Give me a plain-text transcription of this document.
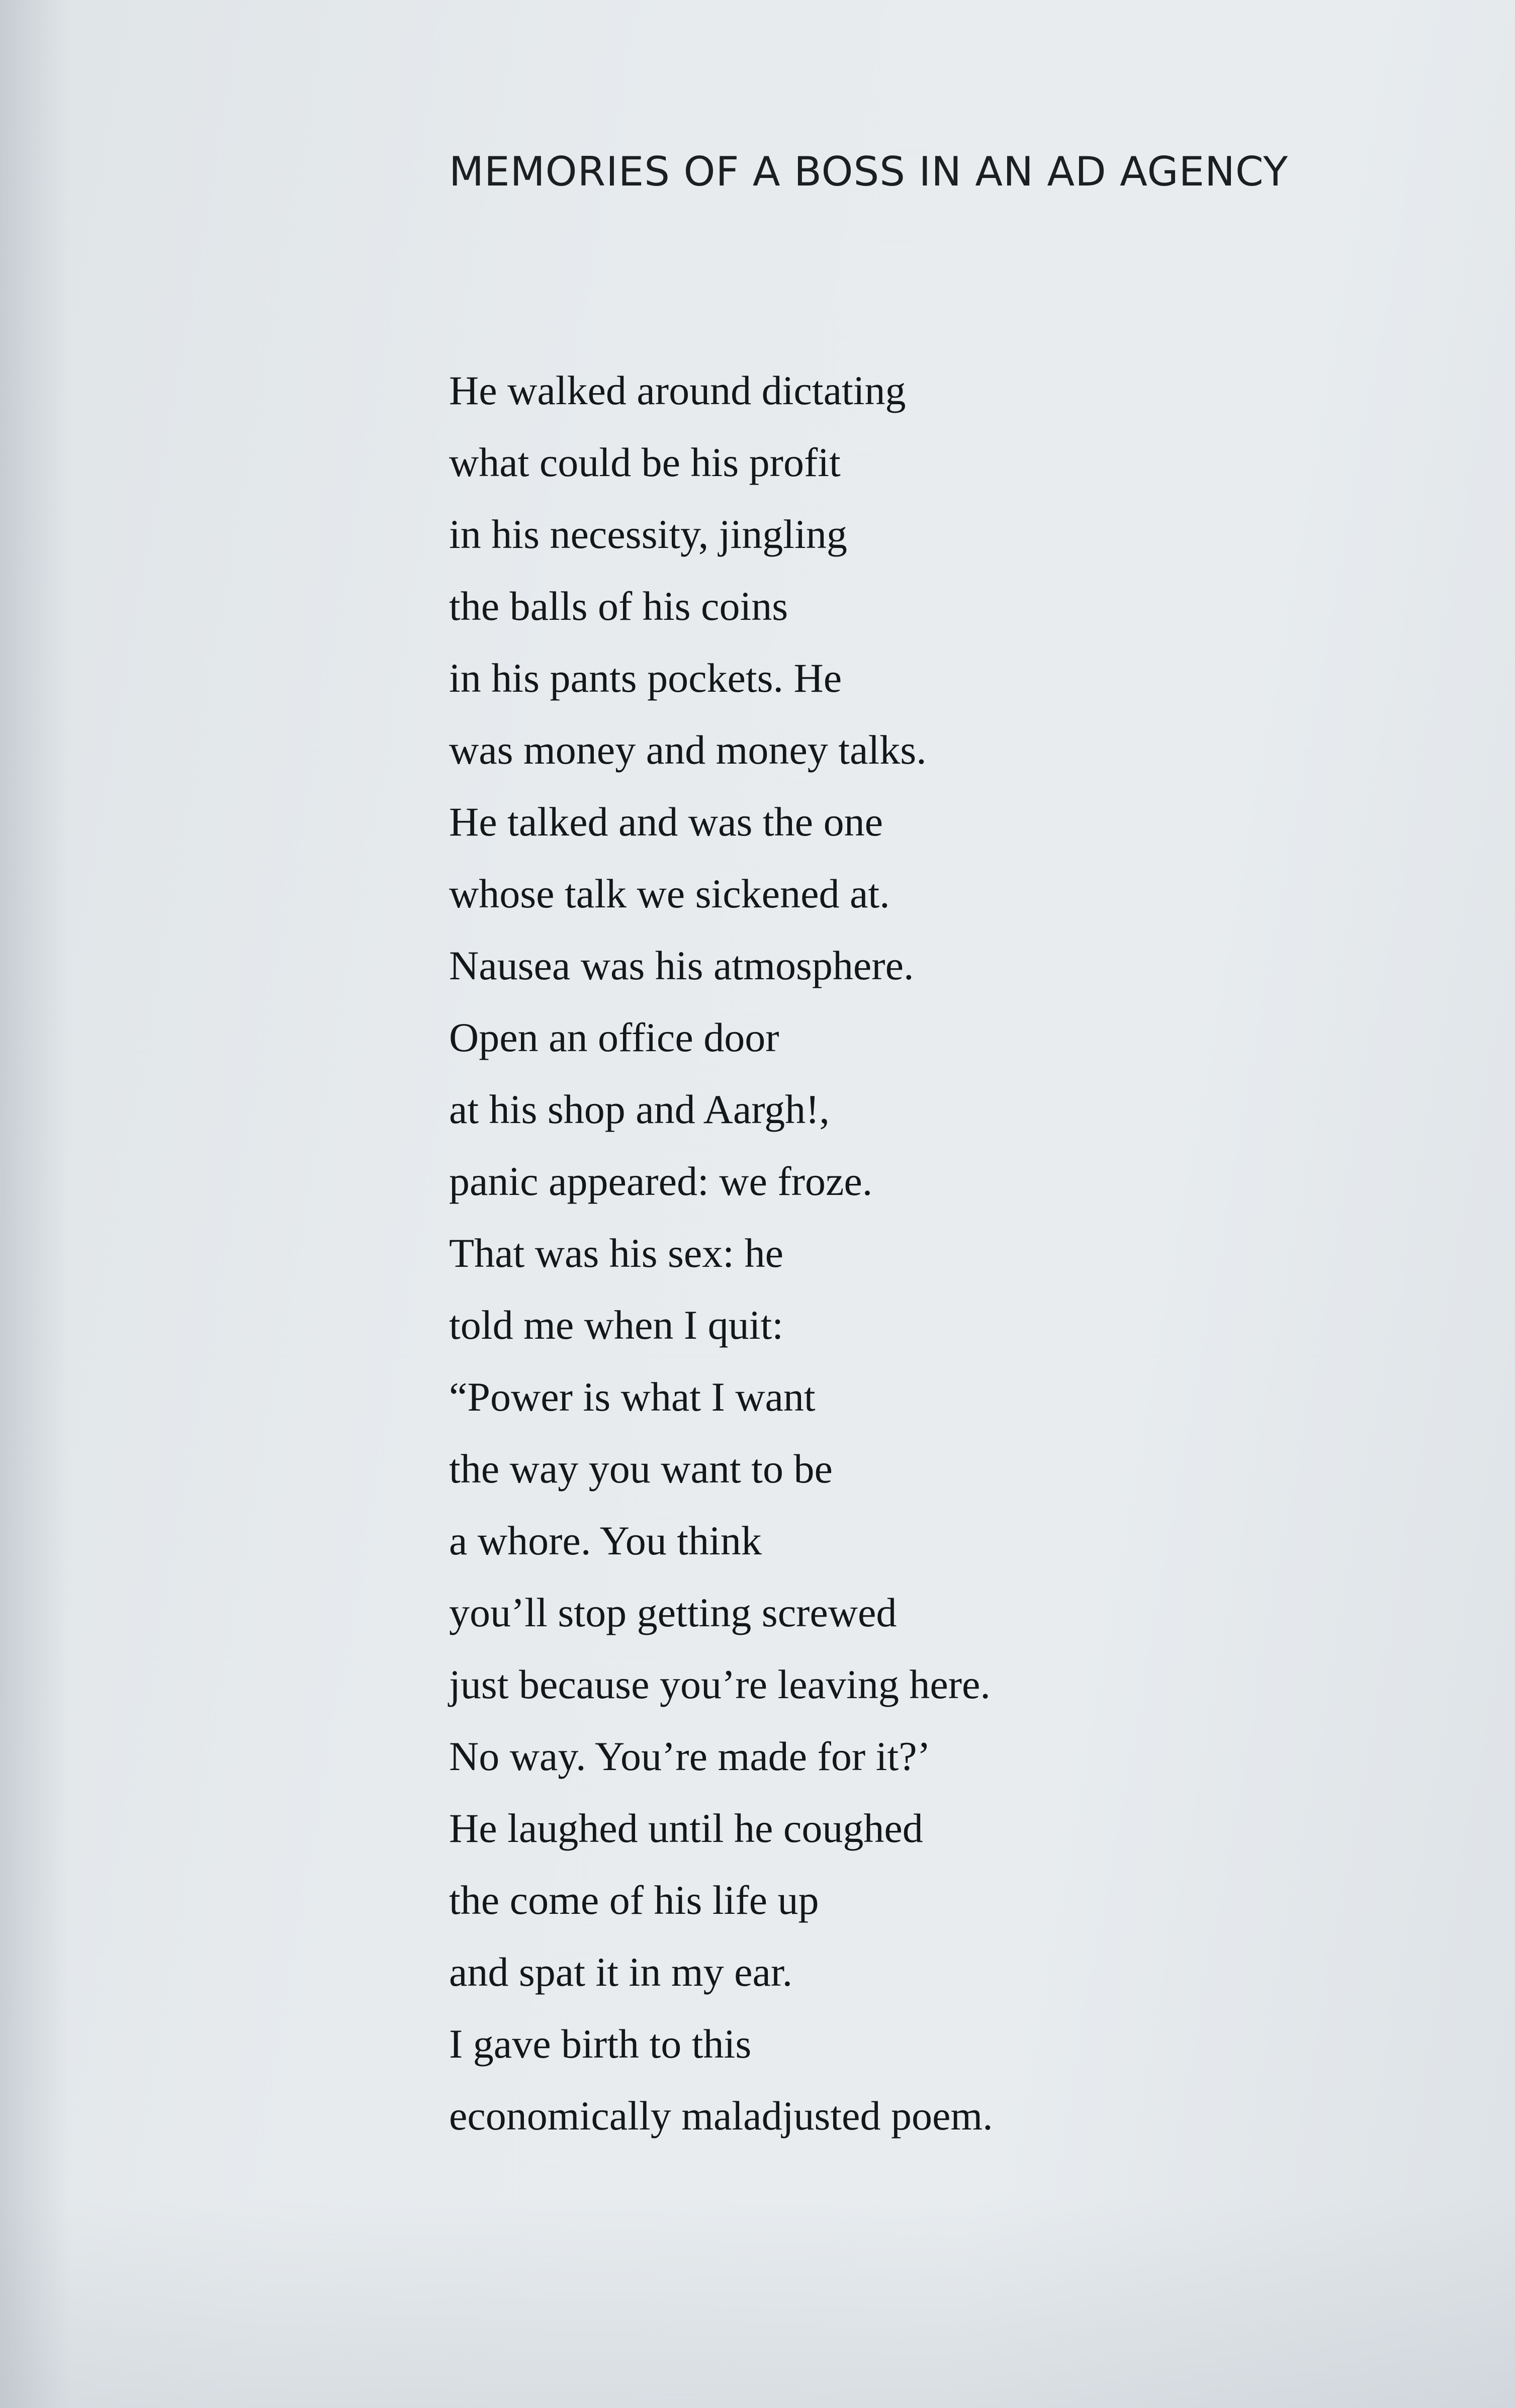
MEMORIES OF A BOSS IN AN AD AGENCY
He walked around dictating
what could be his profit
in his necessity, jingling
the balls of his coins
in his pants pockets. He
was money and money talks.
He talked and was the one
whose talk we sickened at.
Nausea was his atmosphere.
Open an office door
at his shop and Aargh!,
panic appeared: we froze.
That was his sex: he
told me when I quit:
“Power is what I want
the way you want to be
a whore. You think
you’ll stop getting screwed
just because you’re leaving here.
No way. You’re made for it?’
He laughed until he coughed
the come of his life up
and spat it in my ear.
I gave birth to this
economically maladjusted poem.
